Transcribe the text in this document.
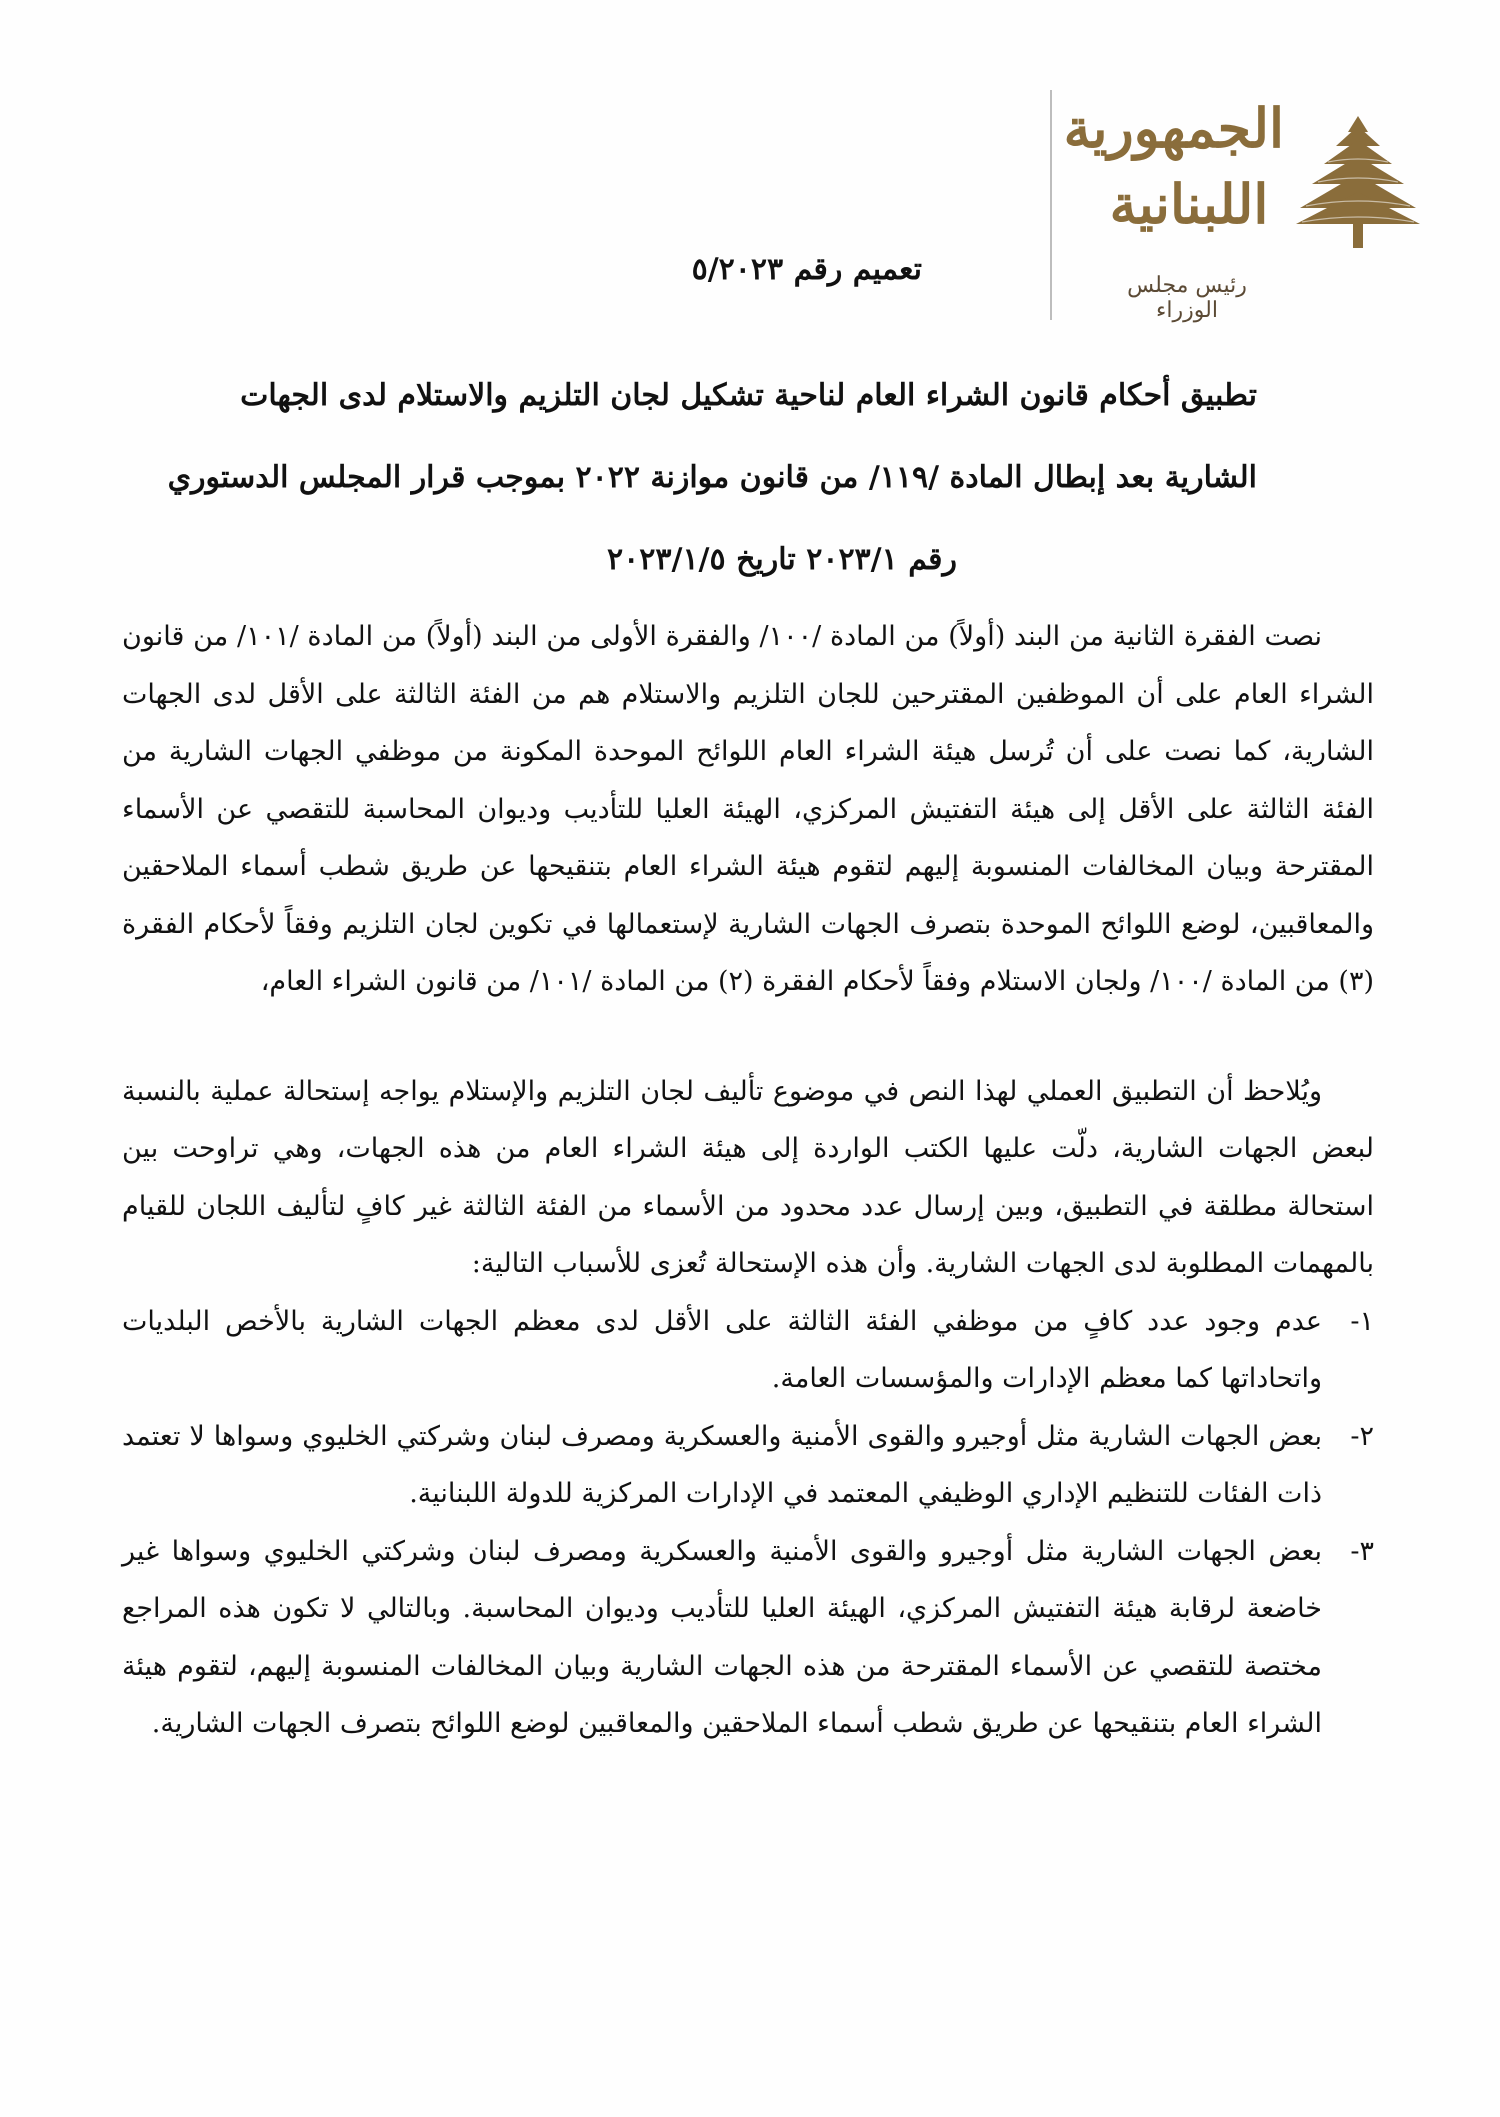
الجمهورية
اللبنانية
رئيس مجلس الوزراء
تعميم رقم ٥/٢٠٢٣
تطبيق أحكام قانون الشراء العام لناحية تشكيل لجان التلزيم والاستلام لدى الجهات
الشارية بعد إبطال المادة /١١٩/ من قانون موازنة ٢٠٢٢ بموجب قرار المجلس الدستوري
رقم ٢٠٢٣/١ تاريخ ٢٠٢٣/١/٥

نصت الفقرة الثانية من البند (أولاً) من المادة /١٠٠/ والفقرة الأولى من البند (أولاً) من المادة /١٠١/ من قانون الشراء العام على أن الموظفين المقترحين للجان التلزيم والاستلام هم من الفئة الثالثة على الأقل لدى الجهات الشارية، كما نصت على أن تُرسل هيئة الشراء العام اللوائح الموحدة المكونة من موظفي الجهات الشارية من الفئة الثالثة على الأقل إلى هيئة التفتيش المركزي، الهيئة العليا للتأديب وديوان المحاسبة للتقصي عن الأسماء المقترحة وبيان المخالفات المنسوبة إليهم لتقوم هيئة الشراء العام بتنقيحها عن طريق شطب أسماء الملاحقين والمعاقبين، لوضع اللوائح الموحدة بتصرف الجهات الشارية لإستعمالها في تكوين لجان التلزيم وفقاً لأحكام الفقرة (٣) من المادة /١٠٠/ ولجان الاستلام وفقاً لأحكام الفقرة (٢) من المادة /١٠١/ من قانون الشراء العام،

ويُلاحظ أن التطبيق العملي لهذا النص في موضوع تأليف لجان التلزيم والإستلام يواجه إستحالة عملية بالنسبة لبعض الجهات الشارية، دلّت عليها الكتب الواردة إلى هيئة الشراء العام من هذه الجهات، وهي تراوحت بين استحالة مطلقة في التطبيق، وبين إرسال عدد محدود من الأسماء من الفئة الثالثة غير كافٍ لتأليف اللجان للقيام بالمهمات المطلوبة لدى الجهات الشارية. وأن هذه الإستحالة تُعزى للأسباب التالية:

١-
عدم وجود عدد كافٍ من موظفي الفئة الثالثة على الأقل لدى معظم الجهات الشارية بالأخص البلديات واتحاداتها كما معظم الإدارات والمؤسسات العامة.
٢-
بعض الجهات الشارية مثل أوجيرو والقوى الأمنية والعسكرية ومصرف لبنان وشركتي الخليوي وسواها لا تعتمد ذات الفئات للتنظيم الإداري الوظيفي المعتمد في الإدارات المركزية للدولة اللبنانية.
٣-
بعض الجهات الشارية مثل أوجيرو والقوى الأمنية والعسكرية ومصرف لبنان وشركتي الخليوي وسواها غير خاضعة لرقابة هيئة التفتيش المركزي، الهيئة العليا للتأديب وديوان المحاسبة. وبالتالي لا تكون هذه المراجع مختصة للتقصي عن الأسماء المقترحة من هذه الجهات الشارية وبيان المخالفات المنسوبة إليهم، لتقوم هيئة الشراء العام بتنقيحها عن طريق شطب أسماء الملاحقين والمعاقبين لوضع اللوائح بتصرف الجهات الشارية.
